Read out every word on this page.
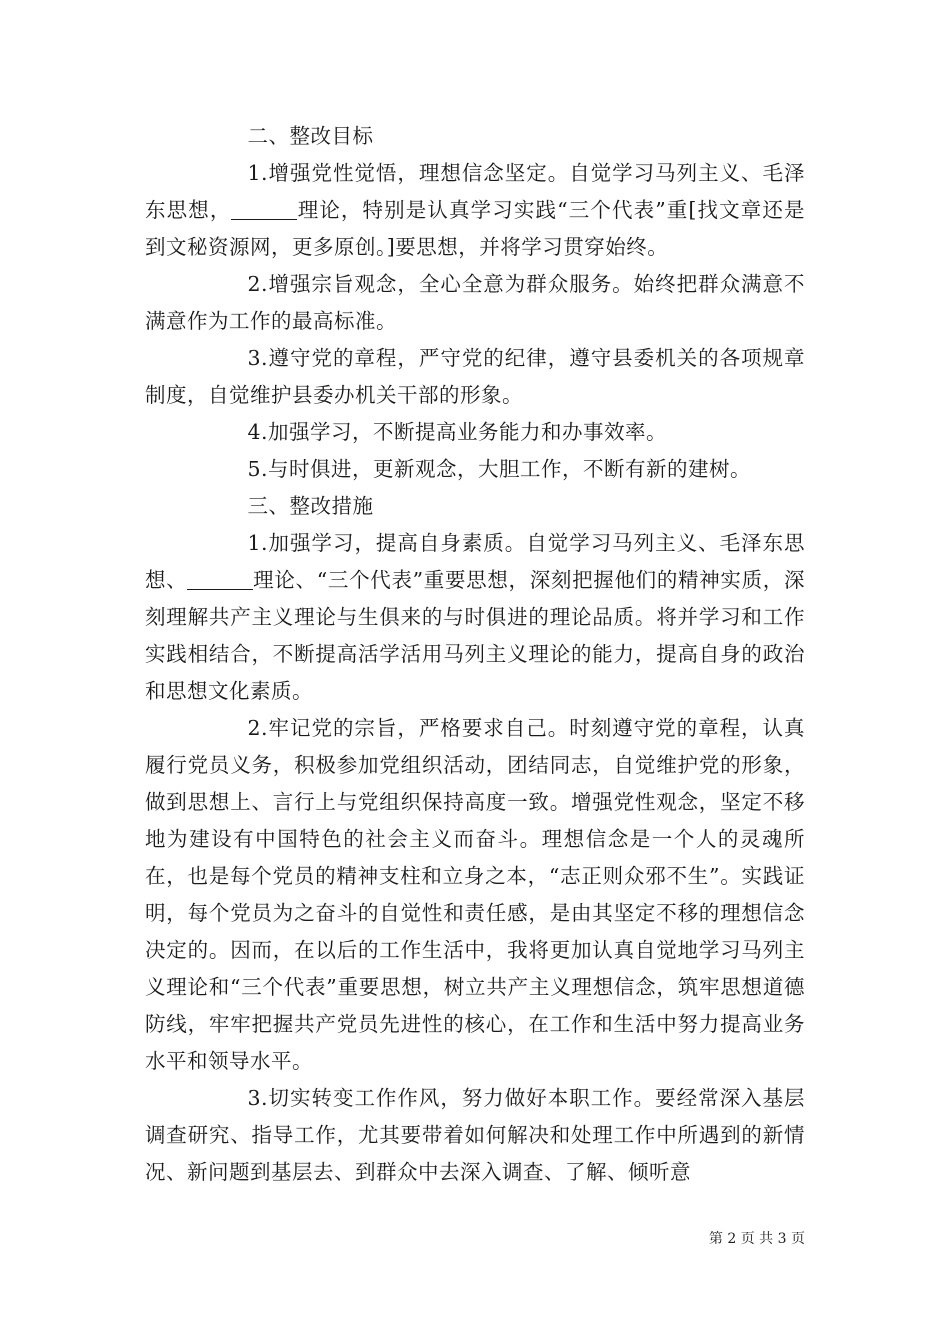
二、整改目标

1.增强党性觉悟，理想信念坚定。自觉学习马列主义、毛泽东思想，	理论，特别是认真学习实践“三个代表”重[找文章还是到文秘资源网，更多原创。]要思想，并将学习贯穿始终。

2.增强宗旨观念，全心全意为群众服务。始终把群众满意不满意作为工作的最高标准。

3.遵守党的章程，严守党的纪律，遵守县委机关的各项规章制度，自觉维护县委办机关干部的形象。

4.加强学习，不断提高业务能力和办事效率。

5.与时俱进，更新观念，大胆工作，不断有新的建树。

三、整改措施

1.加强学习，提高自身素质。自觉学习马列主义、毛泽东思想、	理论、“三个代表”重要思想，深刻把握他们的精神实质，深刻理解共产主义理论与生俱来的与时俱进的理论品质。将并学习和工作实践相结合，不断提高活学活用马列主义理论的能力，提高自身的政治和思想文化素质。

2.牢记党的宗旨，严格要求自己。时刻遵守党的章程，认真履行党员义务，积极参加党组织活动，团结同志，自觉维护党的形象，做到思想上、言行上与党组织保持高度一致。增强党性观念，坚定不移地为建设有中国特色的社会主义而奋斗。理想信念是一个人的灵魂所在，也是每个党员的精神支柱和立身之本，“志正则众邪不生”。实践证明，每个党员为之奋斗的自觉性和责任感，是由其坚定不移的理想信念决定的。因而，在以后的工作生活中，我将更加认真自觉地学习马列主义理论和“三个代表”重要思想，树立共产主义理想信念，筑牢思想道德防线，牢牢把握共产党员先进性的核心，在工作和生活中努力提高业务水平和领导水平。

3.切实转变工作作风，努力做好本职工作。要经常深入基层调查研究、指导工作，尤其要带着如何解决和处理工作中所遇到的新情况、新问题到基层去、到群众中去深入调查、了解、倾听意

第 2 页 共 3 页
